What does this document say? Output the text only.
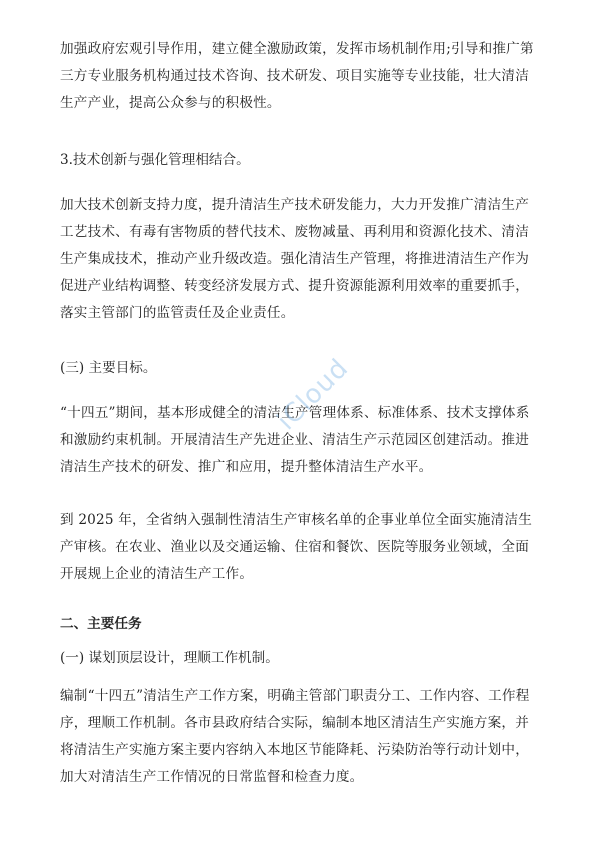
加强政府宏观引导作用，建立健全激励政策，发挥市场机制作用;引导和推广第三方专业服务机构通过技术咨询、技术研发、项目实施等专业技能，壮大清洁生产产业，提高公众参与的积极性。
3.技术创新与强化管理相结合。
加大技术创新支持力度，提升清洁生产技术研发能力，大力开发推广清洁生产工艺技术、有毒有害物质的替代技术、废物减量、再利用和资源化技术、清洁生产集成技术，推动产业升级改造。强化清洁生产管理，将推进清洁生产作为促进产业结构调整、转变经济发展方式、提升资源能源利用效率的重要抓手，落实主管部门的监管责任及企业责任。
(三) 主要目标。
“十四五”期间，基本形成健全的清洁生产管理体系、标准体系、技术支撑体系和激励约束机制。开展清洁生产先进企业、清洁生产示范园区创建活动。推进清洁生产技术的研发、推广和应用，提升整体清洁生产水平。
到 2025 年，全省纳入强制性清洁生产审核名单的企事业单位全面实施清洁生产审核。在农业、渔业以及交通运输、住宿和餐饮、医院等服务业领域，全面开展规上企业的清洁生产工作。
二、主要任务
(一) 谋划顶层设计，理顺工作机制。
编制“十四五”清洁生产工作方案，明确主管部门职责分工、工作内容、工作程序，理顺工作机制。各市县政府结合实际，编制本地区清洁生产实施方案，并将清洁生产实施方案主要内容纳入本地区节能降耗、污染防治等行动计划中，加大对清洁生产工作情况的日常监督和检查力度。
iCloud
